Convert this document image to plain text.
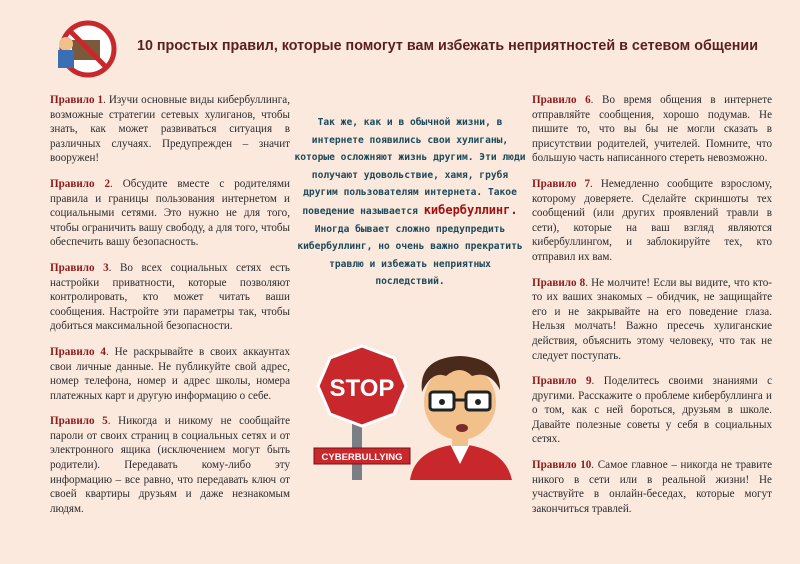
10 простых правил, которые помогут вам избежать неприятностей в сетевом общении

Правило 1. Изучи основные виды кибербуллинга, возможные стратегии сетевых хулиганов, чтобы знать, как может развиваться ситуация в различных случаях. Предупрежден – значит вооружен!

Правило 2. Обсудите вместе с родителями правила и границы пользования интернетом и социальными сетями. Это нужно не для того, чтобы ограничить вашу свободу, а для того, чтобы обеспечить вашу безопасность.

Правило 3. Во всех социальных сетях есть настройки приватности, которые позволяют контролировать, кто может читать ваши сообщения. Настройте эти параметры так, чтобы добиться максимальной безопасности.

Правило 4. Не раскрывайте в своих аккаунтах свои личные данные. Не публикуйте свой адрес, номер телефона, номер и адрес школы, номера платежных карт и другую информацию о себе.

Правило 5. Никогда и никому не сообщайте пароли от своих страниц в социальных сетях и от электронного ящика (исключением могут быть родители). Передавать кому-либо эту информацию – все равно, что передавать ключ от своей квартиры друзьям и даже незнакомым людям.

Так же, как и в обычной жизни, в интернете появились свои хулиганы, которые осложняют жизнь другим. Эти люди получают удовольствие, хамя, грубя другим пользователям интернета. Такое поведение называется кибербуллинг. Иногда бывает сложно предупредить кибербуллинг, но очень важно прекратить травлю и избежать неприятных последствий.
STOP
CYBERBULLYING

Правило 6. Во время общения в интернете отправляйте сообщения, хорошо подумав. Не пишите то, что вы бы не могли сказать в присутствии родителей, учителей. Помните, что большую часть написанного стереть невозможно.

Правило 7. Немедленно сообщите взрослому, которому доверяете. Сделайте скриншоты тех сообщений (или других проявлений травли в сети), которые на ваш взгляд являются кибербуллингом, и заблокируйте тех, кто отправил их вам.

Правило 8. Не молчите! Если вы видите, что кто-то их ваших знакомых – обидчик, не защищайте его и не закрывайте на его поведение глаза. Нельзя молчать! Важно пресечь хулиганские действия, объяснить этому человеку, что так не следует поступать.

Правило 9. Поделитесь своими знаниями с другими. Расскажите о проблеме кибербуллинга и о том, как с ней бороться, друзьям в школе. Давайте полезные советы у себя в социальных сетях.

Правило 10. Самое главное – никогда не травите никого в сети или в реальной жизни! Не участвуйте в онлайн-беседах, которые могут закончиться травлей.
